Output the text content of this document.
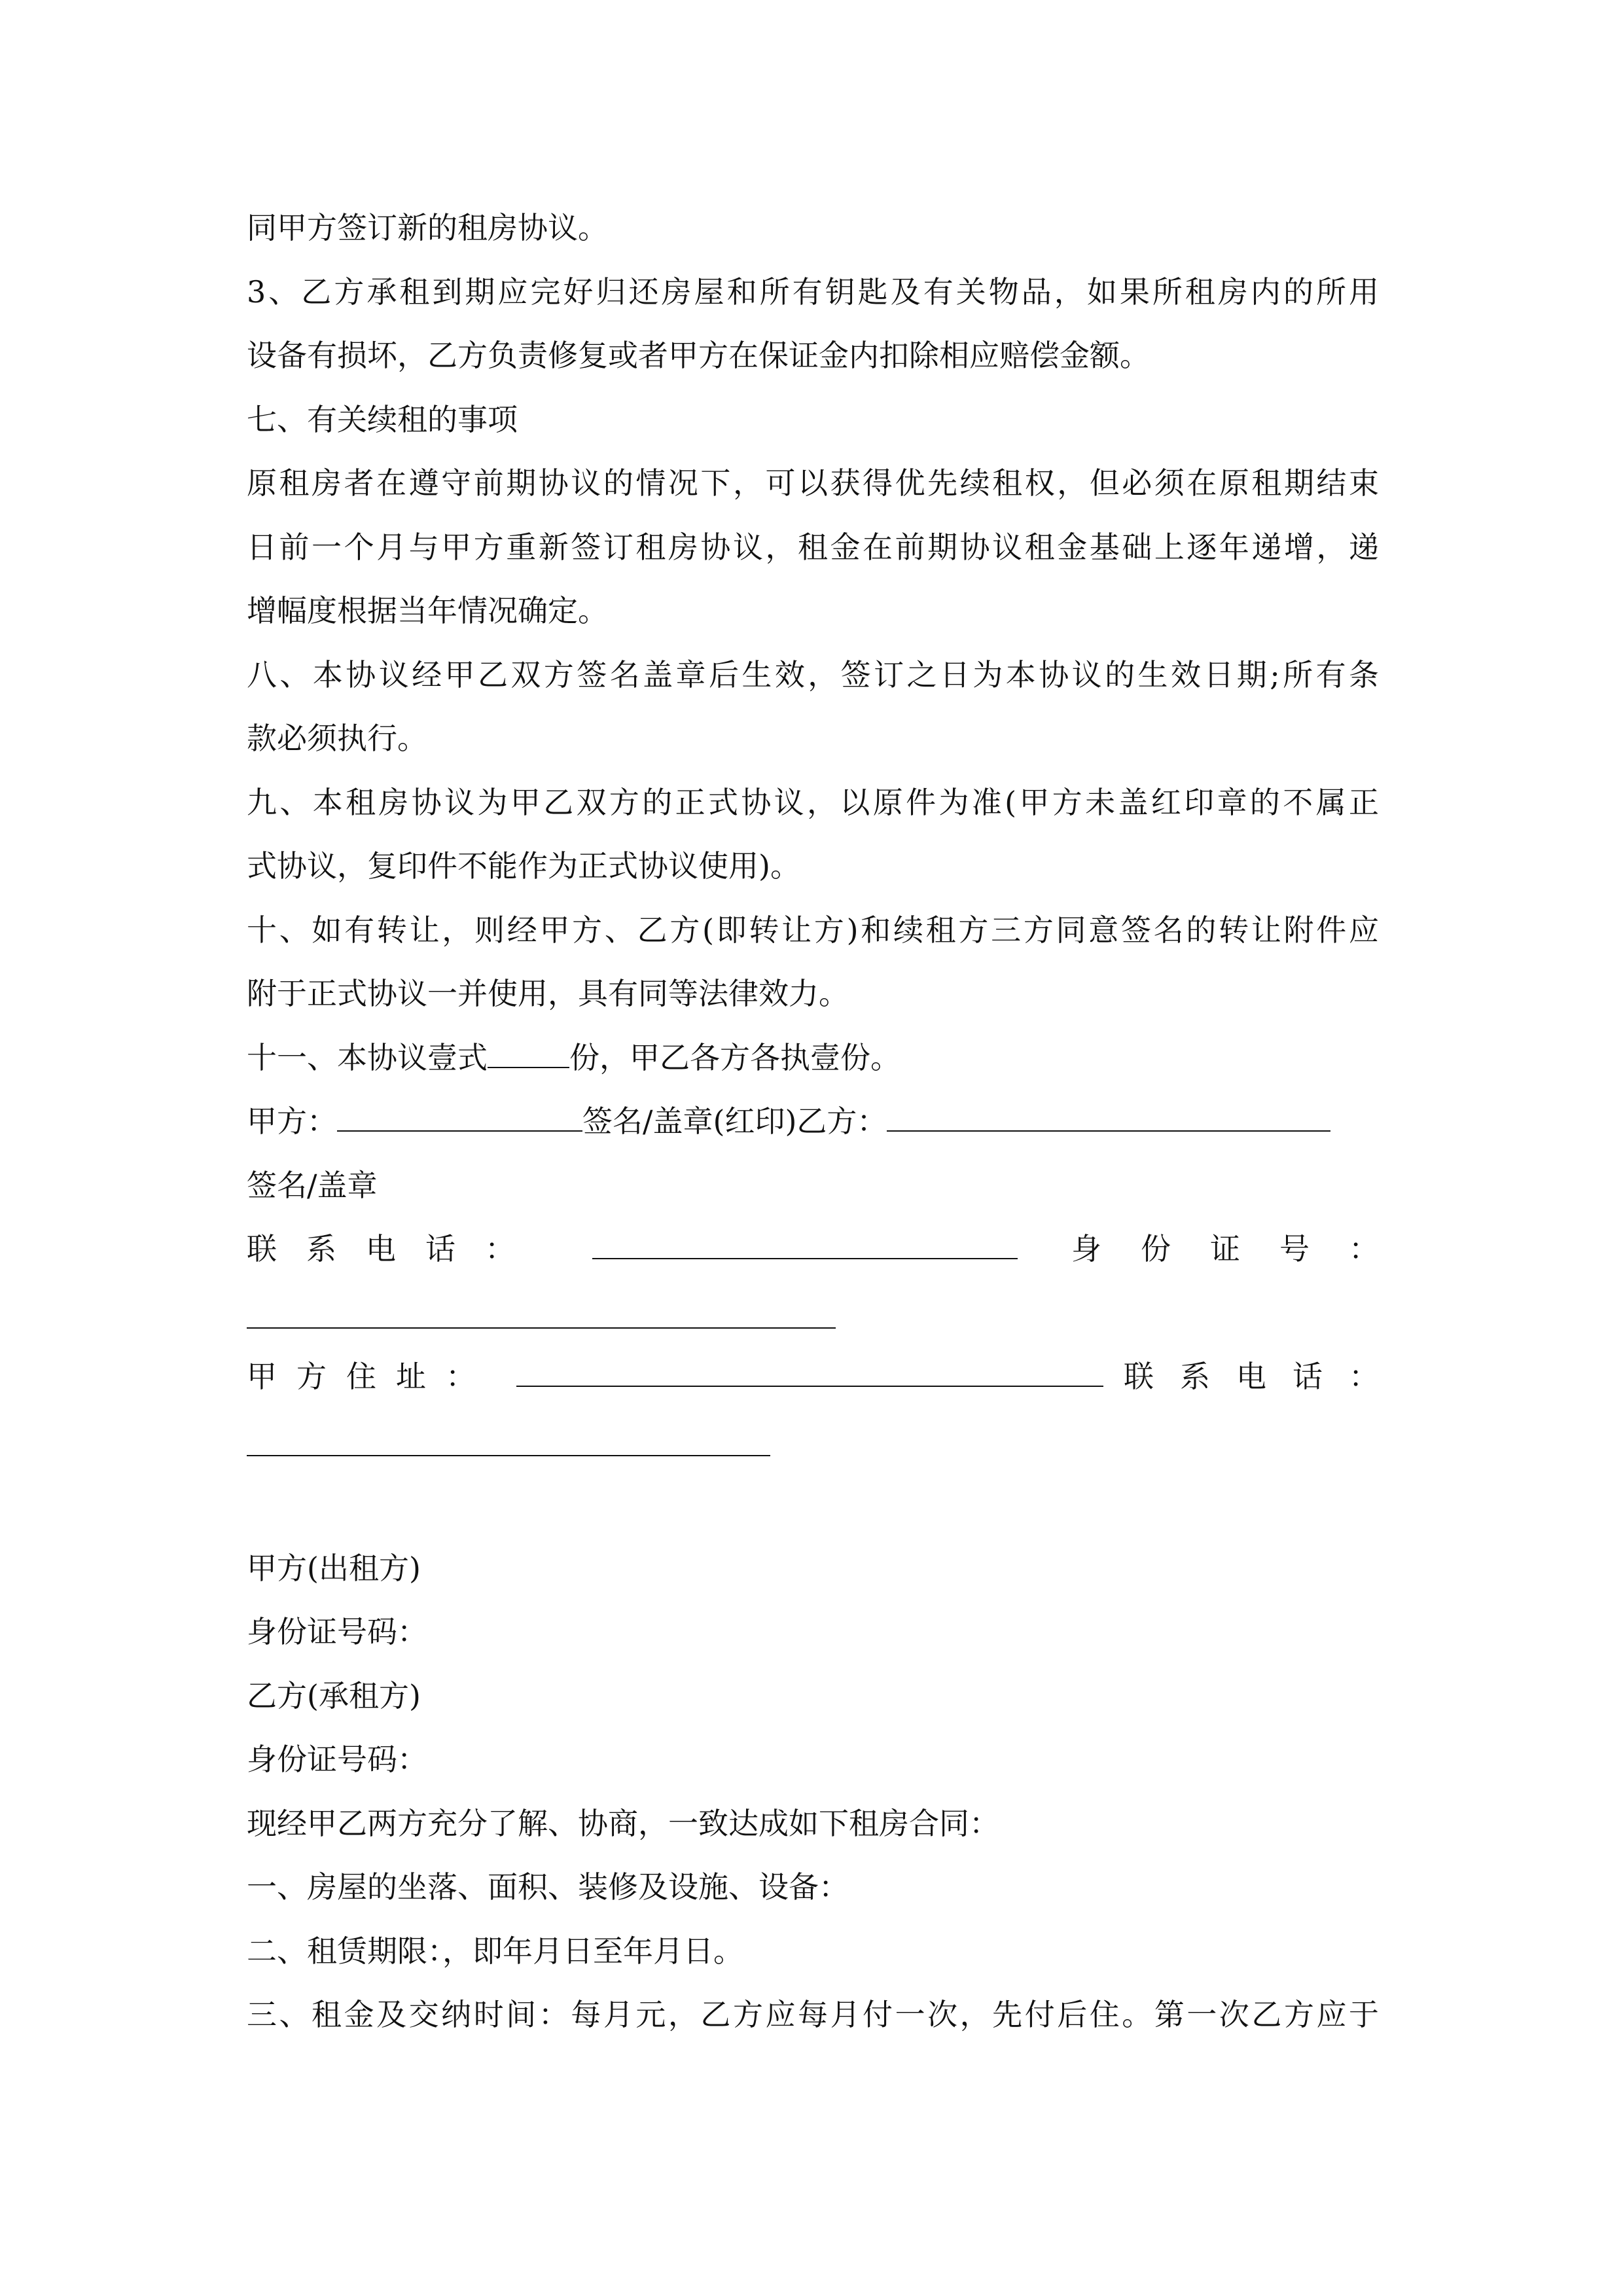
同甲方签订新的租房协议。

3、乙方承租到期应完好归还房屋和所有钥匙及有关物品，如果所租房内的所用

设备有损坏，乙方负责修复或者甲方在保证金内扣除相应赔偿金额。

七、有关续租的事项

原租房者在遵守前期协议的情况下，可以获得优先续租权，但必须在原租期结束

日前一个月与甲方重新签订租房协议，租金在前期协议租金基础上逐年递增，递

增幅度根据当年情况确定。

八、本协议经甲乙双方签名盖章后生效，签订之日为本协议的生效日期;所有条

款必须执行。

九、本租房协议为甲乙双方的正式协议，以原件为准(甲方未盖红印章的不属正

式协议，复印件不能作为正式协议使用)。

十、如有转让，则经甲方、乙方(即转让方)和续租方三方同意签名的转让附件应

附于正式协议一并使用，具有同等法律效力。

十一、本协议壹式	份，甲乙各方各执壹份。

甲方：	签名/盖章(红印)乙方：

签名/盖章

联系电话：	身份证号：

甲方住址：	联系电话：

甲方(出租方)

身份证号码：

乙方(承租方)

身份证号码：

现经甲乙两方充分了解、协商，一致达成如下租房合同：

一、房屋的坐落、面积、装修及设施、设备：

二、租赁期限：，即年月日至年月日。

三、租金及交纳时间：每月元，乙方应每月付一次，先付后住。第一次乙方应于
